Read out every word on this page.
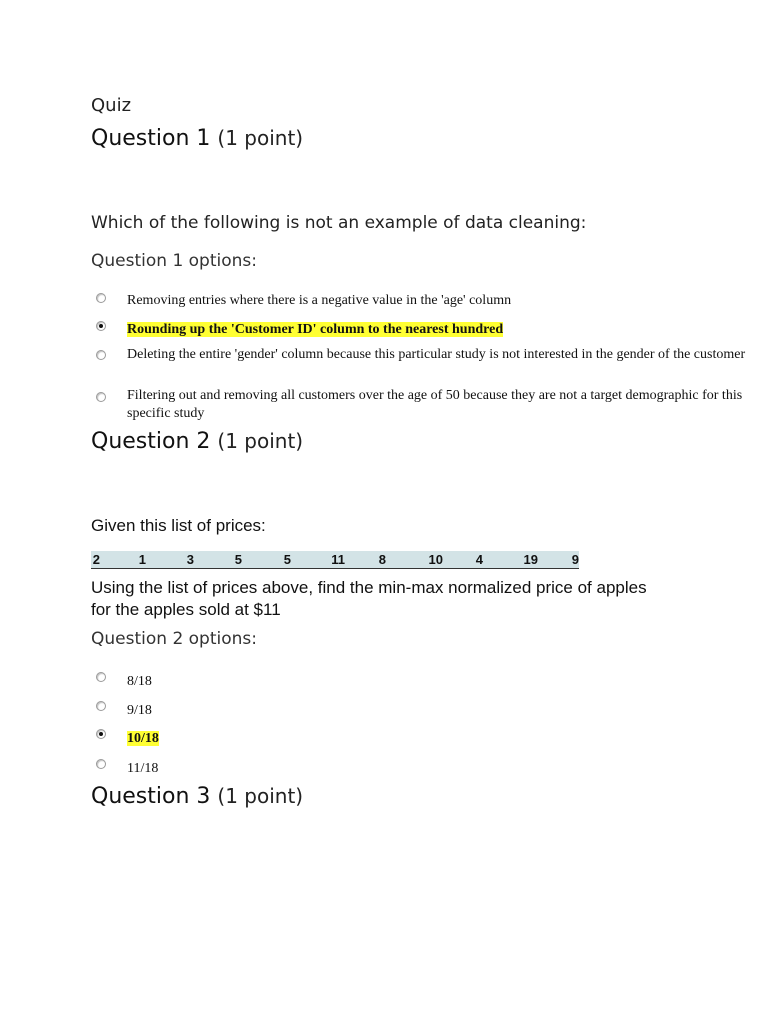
Quiz
Question 1 (1 point)
Which of the following is not an example of data cleaning:
Question 1 options:
Removing entries where there is a negative value in the 'age' column
Rounding up the 'Customer ID' column to the nearest hundred
Deleting the entire 'gender' column because this particular study is not interested in the gender of the customer
Filtering out and removing all customers over the age of 50 because they are not a target demographic for this specific study
Question 2 (1 point)
Given this list of prices:
2	1	3	5	5	11	8	10	4	19	9
Using the list of prices above, find the min-max normalized price of apples for the apples sold at $11
Question 2 options:
8/18
9/18
10/18
11/18
Question 3 (1 point)
